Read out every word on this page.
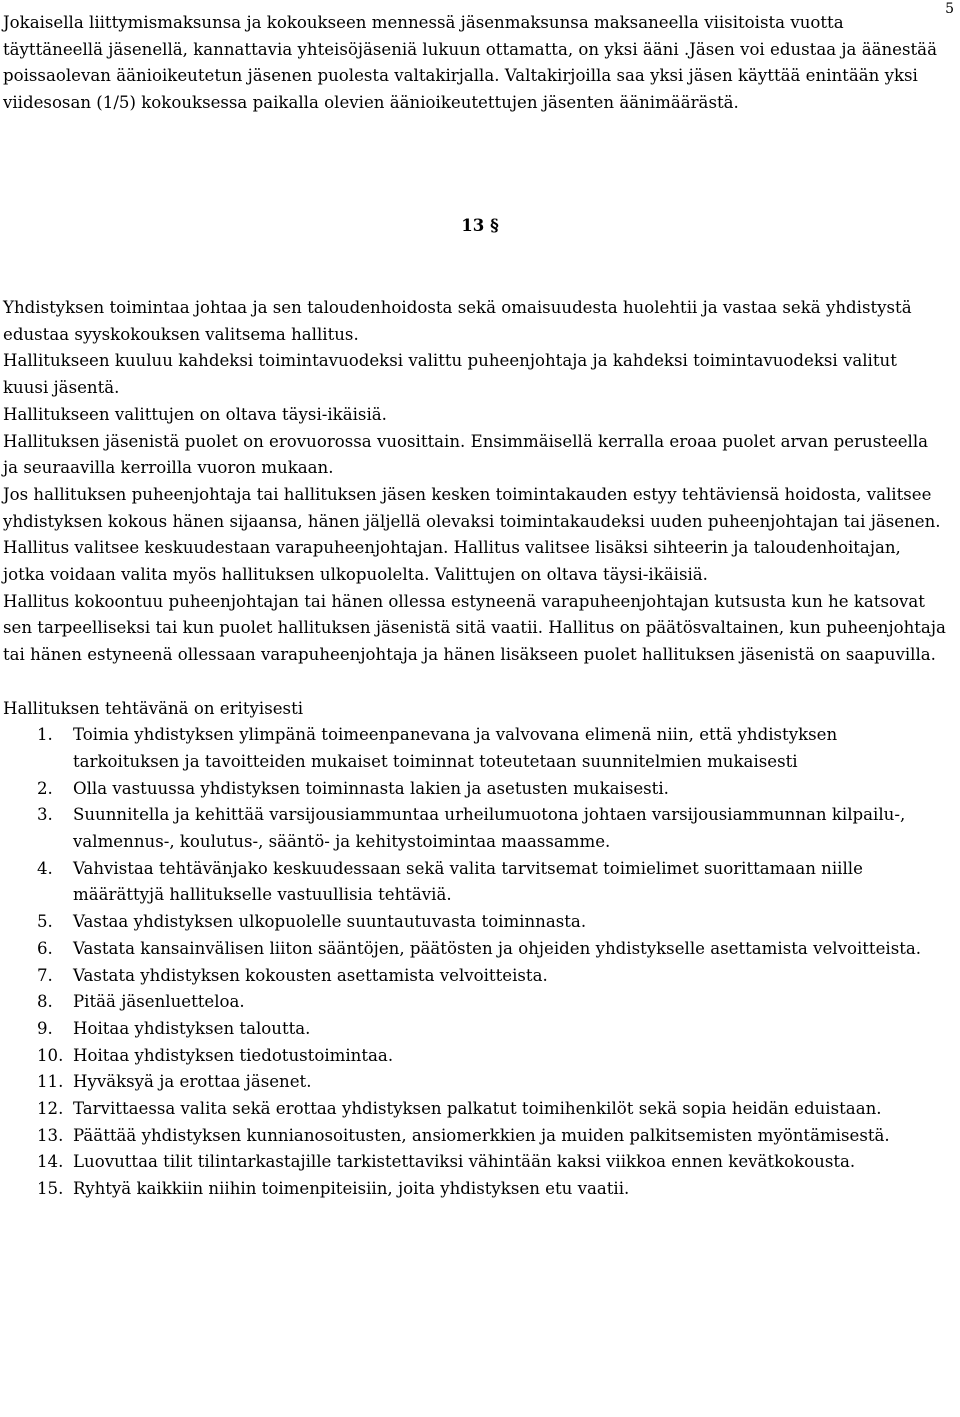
5

Jokaisella liittymismaksunsa ja kokoukseen mennessä jäsenmaksunsa maksaneella viisitoista vuotta täyttäneellä jäsenellä, kannattavia yhteisöjäseniä lukuun ottamatta, on yksi ääni .Jäsen voi edustaa ja äänestää poissaolevan äänioikeutetun jäsenen puolesta valtakirjalla. Valtakirjoilla saa yksi jäsen käyttää enintään yksi viidesosan (1/5) kokouksessa paikalla olevien äänioikeutettujen jäsenten äänimäärästä.

13 §

Yhdistyksen toimintaa johtaa ja sen taloudenhoidosta sekä omaisuudesta huolehtii ja vastaa sekä yhdistystä edustaa syyskokouksen valitsema hallitus.

Hallitukseen kuuluu kahdeksi toimintavuodeksi valittu puheenjohtaja ja kahdeksi toimintavuodeksi valitut kuusi jäsentä.

Hallitukseen valittujen on oltava täysi-ikäisiä.

Hallituksen jäsenistä puolet on erovuorossa vuosittain. Ensimmäisellä kerralla eroaa puolet arvan perusteella ja seuraavilla kerroilla vuoron mukaan.

Jos hallituksen puheenjohtaja tai hallituksen jäsen kesken toimintakauden estyy tehtäviensä hoidosta, valitsee yhdistyksen kokous hänen sijaansa, hänen jäljellä olevaksi toimintakaudeksi uuden puheenjohtajan tai jäsenen.

Hallitus valitsee keskuudestaan varapuheenjohtajan. Hallitus valitsee lisäksi sihteerin ja taloudenhoitajan, jotka voidaan valita myös hallituksen ulkopuolelta. Valittujen on oltava täysi-ikäisiä.

Hallitus kokoontuu puheenjohtajan tai hänen ollessa estyneenä varapuheenjohtajan kutsusta kun he katsovat sen tarpeelliseksi tai kun puolet hallituksen jäsenistä sitä vaatii. Hallitus on päätösvaltainen, kun puheenjohtaja tai hänen estyneenä ollessaan varapuheenjohtaja ja hänen lisäkseen puolet hallituksen jäsenistä on saapuvilla.

Hallituksen tehtävänä on erityisesti

1.	Toimia yhdistyksen ylimpänä toimeenpanevana ja valvovana elimenä niin, että yhdistyksen tarkoituksen ja tavoitteiden mukaiset toiminnat toteutetaan suunnitelmien mukaisesti
2.	Olla vastuussa yhdistyksen toiminnasta lakien ja asetusten mukaisesti.
3.	Suunnitella ja kehittää varsijousiammuntaa urheilumuotona johtaen varsijousiammunnan kilpailu-, valmennus-, koulutus-, sääntö- ja kehitystoimintaa maassamme.
4.	Vahvistaa tehtävänjako keskuudessaan sekä valita tarvitsemat toimielimet suorittamaan niille määrättyjä hallitukselle vastuullisia tehtäviä.
5.	Vastaa yhdistyksen ulkopuolelle suuntautuvasta toiminnasta.
6.	Vastata kansainvälisen liiton sääntöjen, päätösten ja ohjeiden yhdistykselle asettamista velvoitteista.
7.	Vastata yhdistyksen kokousten asettamista velvoitteista.
8.	Pitää jäsenluetteloa.
9.	Hoitaa yhdistyksen taloutta.
10. Hoitaa yhdistyksen tiedotustoimintaa.
11. Hyväksyä ja erottaa jäsenet.
12. Tarvittaessa valita sekä erottaa yhdistyksen palkatut toimihenkilöt sekä sopia heidän eduistaan.
13. Päättää yhdistyksen kunnianosoitusten, ansiomerkkien ja muiden palkitsemisten myöntämisestä.
14. Luovuttaa tilit tilintarkastajille tarkistettaviksi vähintään kaksi viikkoa ennen kevätkokousta.
15. Ryhtyä kaikkiin niihin toimenpiteisiin, joita yhdistyksen etu vaatii.
